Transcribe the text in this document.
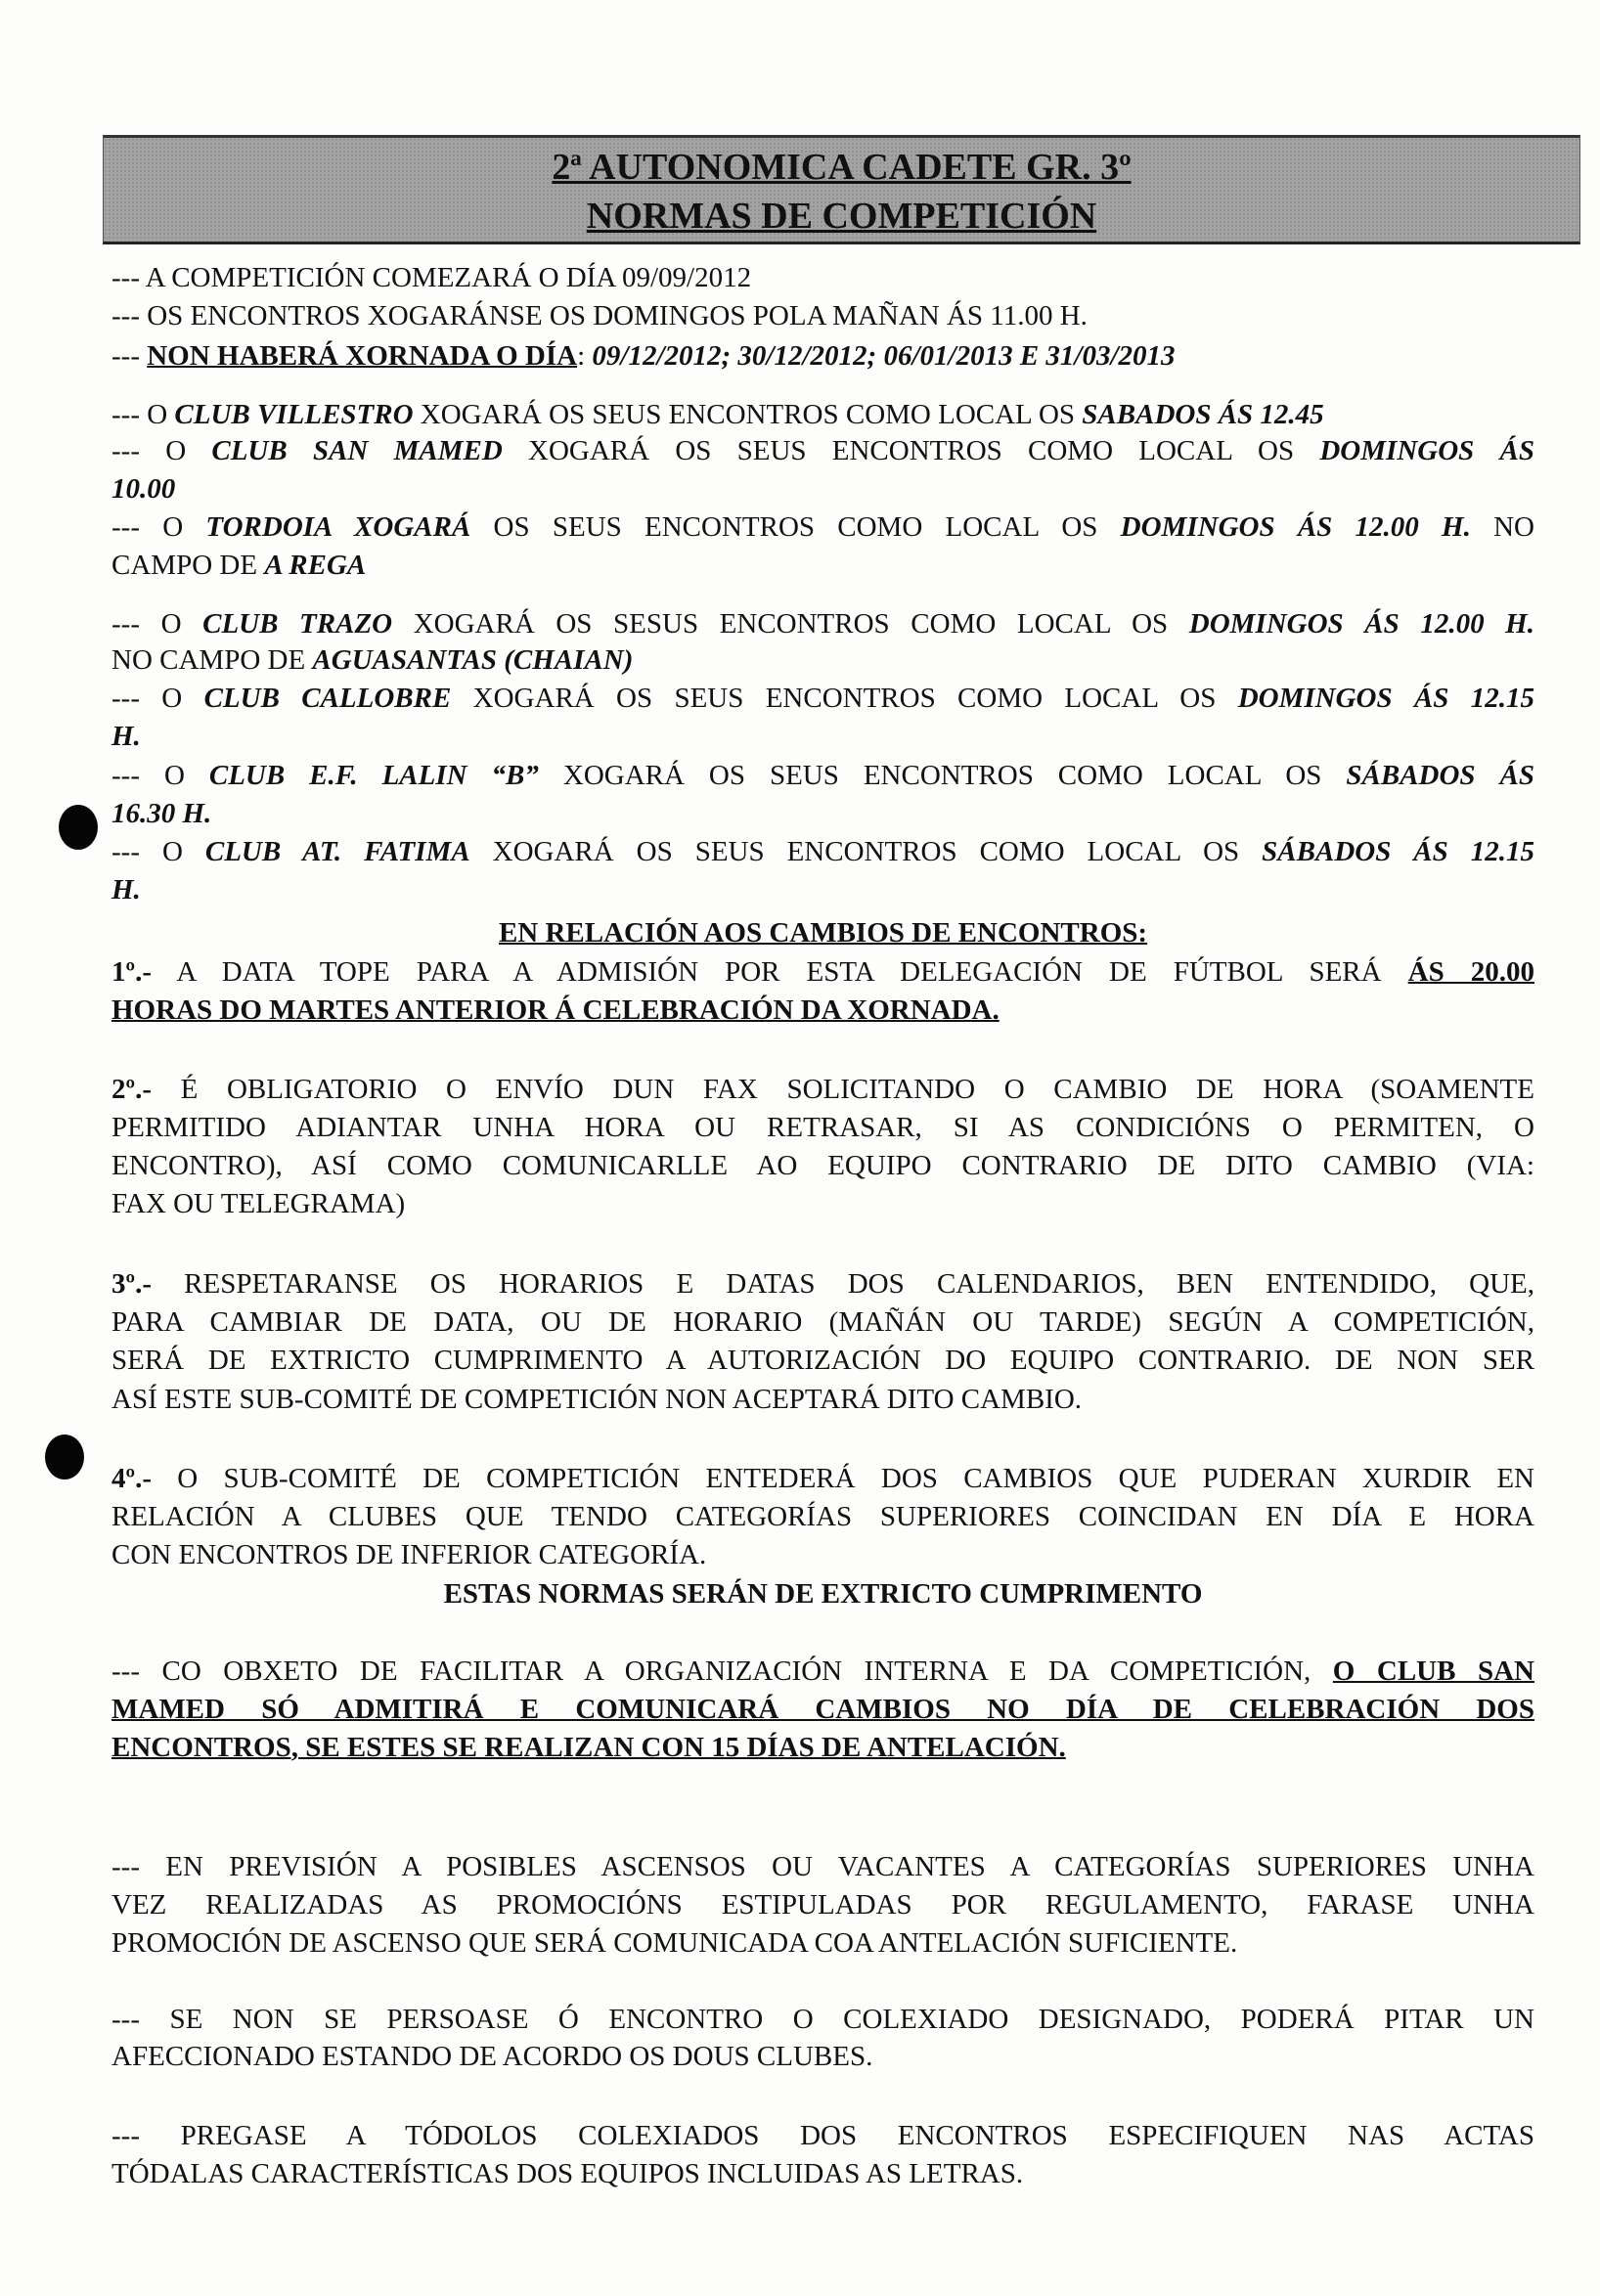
2ª AUTONOMICA CADETE GR. 3º
NORMAS DE COMPETICIÓN
--- A COMPETICIÓN COMEZARÁ O DÍA 09/09/2012
--- OS ENCONTROS XOGARÁNSE OS DOMINGOS POLA MAÑAN ÁS 11.00 H.
--- NON HABERÁ XORNADA O DÍA: 09/12/2012; 30/12/2012; 06/01/2013 E 31/03/2013
--- O CLUB VILLESTRO XOGARÁ OS SEUS ENCONTROS COMO LOCAL OS SABADOS ÁS 12.45
--- O CLUB SAN MAMED XOGARÁ OS SEUS ENCONTROS COMO LOCAL OS DOMINGOS ÁS
10.00
--- O TORDOIA XOGARÁ OS SEUS ENCONTROS COMO LOCAL OS DOMINGOS ÁS 12.00 H. NO
CAMPO DE A REGA
--- O CLUB TRAZO XOGARÁ OS SESUS ENCONTROS COMO LOCAL OS DOMINGOS ÁS 12.00 H.
NO CAMPO DE AGUASANTAS (CHAIAN)
--- O CLUB CALLOBRE XOGARÁ OS SEUS ENCONTROS COMO LOCAL OS DOMINGOS ÁS 12.15
H.
--- O CLUB E.F. LALIN “B” XOGARÁ OS SEUS ENCONTROS COMO LOCAL OS SÁBADOS ÁS
16.30 H.
--- O CLUB AT. FATIMA XOGARÁ OS SEUS ENCONTROS COMO LOCAL OS SÁBADOS ÁS 12.15
H.
EN RELACIÓN AOS CAMBIOS DE ENCONTROS:
1º.- A DATA TOPE PARA A ADMISIÓN POR ESTA DELEGACIÓN DE FÚTBOL SERÁ ÁS 20.00
HORAS DO MARTES ANTERIOR Á CELEBRACIÓN DA XORNADA.
2º.- É OBLIGATORIO O ENVÍO DUN FAX SOLICITANDO O CAMBIO DE HORA (SOAMENTE
PERMITIDO ADIANTAR UNHA HORA OU RETRASAR, SI AS CONDICIÓNS O PERMITEN, O
ENCONTRO), ASÍ COMO COMUNICARLLE AO EQUIPO CONTRARIO DE DITO CAMBIO (VIA:
FAX OU TELEGRAMA)
3º.- RESPETARANSE OS HORARIOS E DATAS DOS CALENDARIOS, BEN ENTENDIDO, QUE,
PARA CAMBIAR DE DATA, OU DE HORARIO (MAÑÁN OU TARDE) SEGÚN A COMPETICIÓN,
SERÁ DE EXTRICTO CUMPRIMENTO A AUTORIZACIÓN DO EQUIPO CONTRARIO. DE NON SER
ASÍ ESTE SUB-COMITÉ DE COMPETICIÓN NON ACEPTARÁ DITO CAMBIO.
4º.- O SUB-COMITÉ DE COMPETICIÓN ENTEDERÁ DOS CAMBIOS QUE PUDERAN XURDIR EN
RELACIÓN A CLUBES QUE TENDO CATEGORÍAS SUPERIORES COINCIDAN EN DÍA E HORA
CON ENCONTROS DE INFERIOR CATEGORÍA.
ESTAS NORMAS SERÁN DE EXTRICTO CUMPRIMENTO
--- CO OBXETO DE FACILITAR A ORGANIZACIÓN INTERNA E DA COMPETICIÓN, O CLUB SAN
MAMED SÓ ADMITIRÁ E COMUNICARÁ CAMBIOS NO DÍA DE CELEBRACIÓN DOS
ENCONTROS, SE ESTES SE REALIZAN CON 15 DÍAS DE ANTELACIÓN.
--- EN PREVISIÓN A POSIBLES ASCENSOS OU VACANTES A CATEGORÍAS SUPERIORES UNHA
VEZ REALIZADAS AS PROMOCIÓNS ESTIPULADAS POR REGULAMENTO, FARASE UNHA
PROMOCIÓN DE ASCENSO QUE SERÁ COMUNICADA COA ANTELACIÓN SUFICIENTE.
--- SE NON SE PERSOASE Ó ENCONTRO O COLEXIADO DESIGNADO, PODERÁ PITAR UN
AFECCIONADO ESTANDO DE ACORDO OS DOUS CLUBES.
--- PREGASE A TÓDOLOS COLEXIADOS DOS ENCONTROS ESPECIFIQUEN NAS ACTAS
TÓDALAS CARACTERÍSTICAS DOS EQUIPOS INCLUIDAS AS LETRAS.
